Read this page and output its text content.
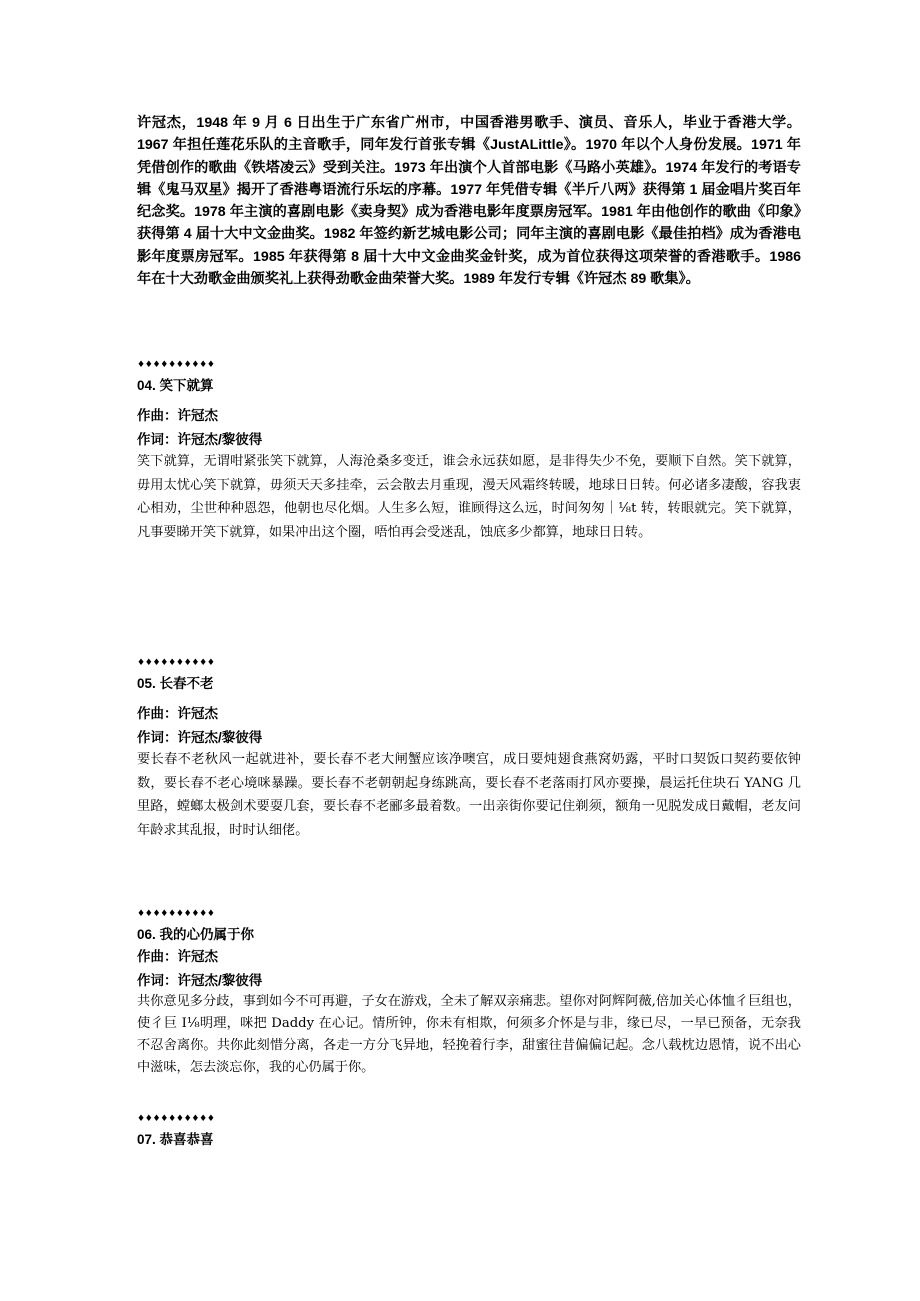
许冠杰，1948 年 9 月 6 日出生于广东省广州市，中国香港男歌手、演员、音乐人，毕业于香港大学。1967 年担任莲花乐队的主音歌手，同年发行首张专辑《JustALittle》。1970 年以个人身份发展。1971 年凭借创作的歌曲《铁塔凌云》受到关注。1973 年出演个人首部电影《马路小英雄》。1974 年发行的考语专辑《鬼马双星》揭开了香港粤语流行乐坛的序幕。1977 年凭借专辑《半斤八两》获得第 1 届金唱片奖百年纪念奖。1978 年主演的喜剧电影《卖身契》成为香港电影年度票房冠军。1981 年由他创作的歌曲《印象》获得第 4 届十大中文金曲奖。1982 年签约新艺城电影公司；同年主演的喜剧电影《最佳拍档》成为香港电影年度票房冠军。1985 年获得第 8 届十大中文金曲奖金针奖，成为首位获得这项荣誉的香港歌手。1986 年在十大劲歌金曲颁奖礼上获得劲歌金曲荣誉大奖。1989 年发行专辑《许冠杰 89 歌集》。

♦♦♦♦♦♦♦♦♦♦

04. 笑下就算

作曲：许冠杰

作词：许冠杰/黎彼得

笑下就算，无谓咁紧张笑下就算，人海沧桑多变迁，谁会永远获如愿，是非得失少不免，要顺下自然。笑下就算，毋用太忧心笑下就算，毋须天天多挂牵，云会散去月重现，漫天风霜终转暖，地球日日转。何必诸多凄酸，容我衷心相劝，尘世种种恩怨，他朝也尽化烟。人生多么短，谁顾得这么远，时间匆匆｜⅛t 转，转眼就完。笑下就算，凡事要睇开笑下就算，如果冲出这个圈，唔怕再会受迷乱，蚀底多少都算，地球日日转。

♦♦♦♦♦♦♦♦♦♦

05. 长春不老

作曲：许冠杰

作词：许冠杰/黎彼得

要长春不老秋风一起就进补，要长春不老大闸蟹应该净噢宫，成日要炖翅食燕窝奶露，平时口契饭口契药要依钟数，要长春不老心境咪暴躁。要长春不老朝朝起身练跳高，要长春不老落雨打风亦要操，晨运托住块石 YANG 几里路，螳螂太极剑术要耍几套，要长春不老郦多最着数。一出亲街你要记住剃须，额角一见脱发成日戴帽，老友问年龄求其乱报，时时认细佬。

♦♦♦♦♦♦♦♦♦♦

06. 我的心仍属于你

作曲：许冠杰

作词：许冠杰/黎彼得

共你意见多分歧，事到如今不可再避，子女在游戏，全未了解双亲痛悲。望你对阿辉阿薇,倍加关心体恤彳巨组也，使彳巨 I⅛明理，咪把 Daddy 在心记。情所钟，你未有相欺，何须多介怀是与非，缘已尽，一早已预备，无奈我不忍舍离你。共你此刻惜分离，各走一方分飞异地，轻挽着行李，甜蜜往昔偏偏记起。念八载枕边恩情，说不出心中滋味，怎去淡忘你，我的心仍属于你。

♦♦♦♦♦♦♦♦♦♦

07. 恭喜恭喜
